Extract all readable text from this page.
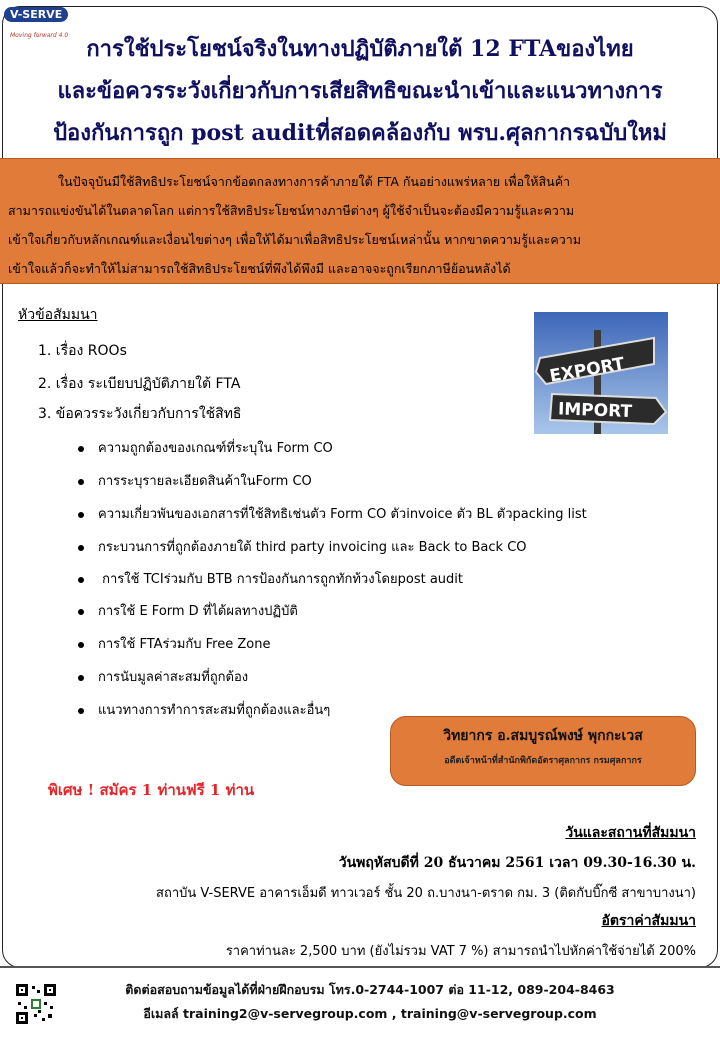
V-SERVE
Moving forward 4.0
การใช้ประโยชน์จริงในทางปฏิบัติภายใต้ 12 FTAของไทย
และข้อควรระวังเกี่ยวกับการเสียสิทธิขณะนำเข้าและแนวทางการ
ป้องกันการถูก post auditที่สอดคล้องกับ พรบ.ศุลกากรฉบับใหม่
ในปัจจุบันมีใช้สิทธิประโยชน์จากข้อตกลงทางการค้าภายใต้ FTA กันอย่างแพร่หลาย เพื่อให้สินค้า
สามารถแข่งขันได้ในตลาดโลก แต่การใช้สิทธิประโยชน์ทางภาษีต่างๆ ผู้ใช้จำเป็นจะต้องมีความรู้และความ
เข้าใจเกี่ยวกับหลักเกณฑ์และเงื่อนไขต่างๆ เพื่อให้ได้มาเพื่อสิทธิประโยชน์เหล่านั้น หากขาดความรู้และความ
เข้าใจแล้วก็จะทำให้ไม่สามารถใช้สิทธิประโยชน์ที่พึงได้พึงมี และอาจจะถูกเรียกภาษีย้อนหลังได้
หัวข้อสัมมนา
1. เรื่อง ROOs
2. เรื่อง ระเบียบปฏิบัติภายใต้ FTA
3. ข้อควรระวังเกี่ยวกับการใช้สิทธิ
ความถูกต้องของเกณฑ์ที่ระบุใน Form CO
การระบุรายละเอียดสินค้าในForm CO
ความเกี่ยวพันของเอกสารที่ใช้สิทธิเช่นตัว Form CO ตัวinvoice ตัว BL ตัวpacking list
กระบวนการที่ถูกต้องภายใต้ third party invoicing และ Back to Back CO
การใช้ TCIร่วมกับ BTB การป้องกันการถูกทักท้วงโดยpost audit
การใช้ E Form D ที่ได้ผลทางปฏิบัติ
การใช้ FTAร่วมกับ Free Zone
การนับมูลค่าสะสมที่ถูกต้อง
แนวทางการทำการสะสมที่ถูกต้องและอื่นๆ
EXPORT
IMPORT
วิทยากร อ.สมบูรณ์พงษ์ พุกกะเวส
อดีตเจ้าหน้าที่สำนักพิกัดอัตราศุลกากร กรมศุลกากร
พิเศษ ! สมัคร 1 ท่านฟรี 1 ท่าน
วันและสถานที่สัมมนา
วันพฤหัสบดีที่ 20 ธันวาคม 2561 เวลา 09.30-16.30 น.
สถาบัน V-SERVE อาคารเอ็มดี ทาวเวอร์ ชั้น 20 ถ.บางนา-ตราด กม. 3 (ติดกับบิ๊กซี สาขาบางนา)
อัตราค่าสัมมนา
ราคาท่านละ 2,500 บาท (ยังไม่รวม VAT 7 %) สามารถนำไปหักค่าใช้จ่ายได้ 200%
ติดต่อสอบถามข้อมูลได้ที่ฝ่ายฝึกอบรม โทร.0-2744-1007 ต่อ 11-12, 089-204-8463
อีเมลล์ training2@v-servegroup.com , training@v-servegroup.com
